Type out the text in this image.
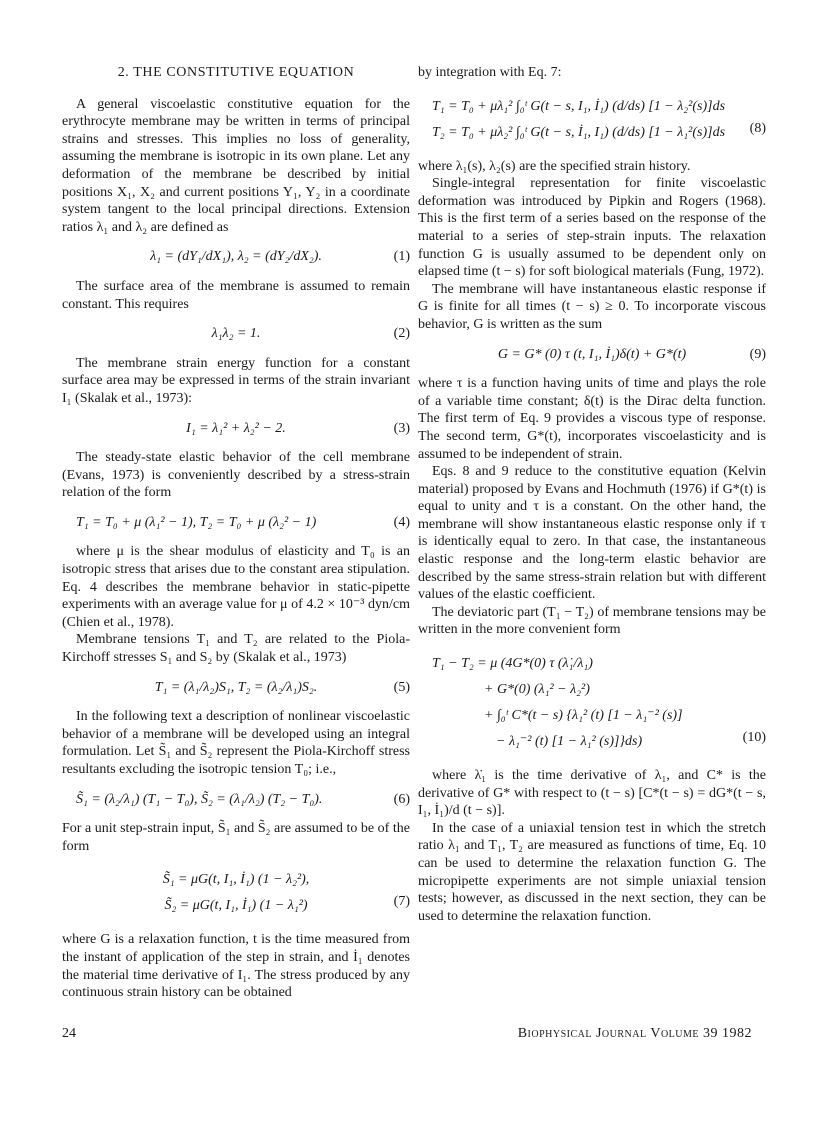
2. THE CONSTITUTIVE EQUATION

A general viscoelastic constitutive equation for the erythrocyte membrane may be written in terms of principal strains and stresses. This implies no loss of generality, assuming the membrane is isotropic in its own plane. Let any deformation of the membrane be described by initial positions X₁, X₂ and current positions Y₁, Y₂ in a coordinate system tangent to the local principal directions. Extension ratios λ₁ and λ₂ are defined as

λ₁ = (dY₁/dX₁), λ₂ = (dY₂/dX₂).	(1)

The surface area of the membrane is assumed to remain constant. This requires

λ₁λ₂ = 1.	(2)

The membrane strain energy function for a constant surface area may be expressed in terms of the strain invariant I₁ (Skalak et al., 1973):

I₁ = λ₁² + λ₂² − 2.	(3)

The steady-state elastic behavior of the cell membrane (Evans, 1973) is conveniently described by a stress-strain relation of the form

T₁ = T₀ + μ (λ₁² − 1), T₂ = T₀ + μ (λ₂² − 1)	(4)

where μ is the shear modulus of elasticity and T₀ is an isotropic stress that arises due to the constant area stipulation. Eq. 4 describes the membrane behavior in static-pipette experiments with an average value for μ of 4.2 × 10⁻³ dyn/cm (Chien et al., 1978).

Membrane tensions T₁ and T₂ are related to the Piola-Kirchoff stresses S₁ and S₂ by (Skalak et al., 1973)

T₁ = (λ₁/λ₂)S₁, T₂ = (λ₂/λ₁)S₂.	(5)

In the following text a description of nonlinear viscoelastic behavior of a membrane will be developed using an integral formulation. Let S̃₁ and S̃₂ represent the Piola-Kirchoff stress resultants excluding the isotropic tension T₀; i.e.,

S̃₁ = (λ₂/λ₁) (T₁ − T₀), S̃₂ = (λ₁/λ₂) (T₂ − T₀).	(6)

For a unit step-strain input, S̃₁ and S̃₂ are assumed to be of the form

S̃₁ = μG(t, I₁, İ₁) (1 − λ₂²),
S̃₂ = μG(t, I₁, İ₁) (1 − λ₁²)	(7)

where G is a relaxation function, t is the time measured from the instant of application of the step in strain, and İ₁ denotes the material time derivative of I₁. The stress produced by any continuous strain history can be obtained

by integration with Eq. 7:

T₁ = T₀ + μλ₁² ∫₀ᵗ G(t − s, I₁, İ₁) (d/ds) [1 − λ₂²(s)]ds
T₂ = T₀ + μλ₂² ∫₀ᵗ G(t − s, İ₁, I₁) (d/ds) [1 − λ₁²(s)]ds	(8)

where λ₁(s), λ₂(s) are the specified strain history.

Single-integral representation for finite viscoelastic deformation was introduced by Pipkin and Rogers (1968). This is the first term of a series based on the response of the material to a series of step-strain inputs. The relaxation function G is usually assumed to be dependent only on elapsed time (t − s) for soft biological materials (Fung, 1972).

The membrane will have instantaneous elastic response if G is finite for all times (t − s) ≥ 0. To incorporate viscous behavior, G is written as the sum

G = G* (0) τ (t, I₁, İ₁)δ(t) + G*(t)	(9)

where τ is a function having units of time and plays the role of a variable time constant; δ(t) is the Dirac delta function. The first term of Eq. 9 provides a viscous type of response. The second term, G*(t), incorporates viscoelasticity and is assumed to be independent of strain.

Eqs. 8 and 9 reduce to the constitutive equation (Kelvin material) proposed by Evans and Hochmuth (1976) if G*(t) is equal to unity and τ is a constant. On the other hand, the membrane will show instantaneous elastic response only if τ is identically equal to zero. In that case, the instantaneous elastic response and the long-term elastic behavior are described by the same stress-strain relation but with different values of the elastic coefficient.

The deviatoric part (T₁ − T₂) of membrane tensions may be written in the more convenient form

T₁ − T₂ = μ (4G*(0) τ (λ̇₁/λ₁)
+ G*(0) (λ₁² − λ₂²)
+ ∫₀ᵗ C*(t − s) {λ₁² (t) [1 − λ₁⁻² (s)]
− λ₁⁻² (t) [1 − λ₁² (s)]}ds)	(10)

where λ̇₁ is the time derivative of λ₁, and C* is the derivative of G* with respect to (t − s) [C*(t − s) = dG*(t − s, I₁, İ₁)/d (t − s)].

In the case of a uniaxial tension test in which the stretch ratio λ₁ and T₁, T₂ are measured as functions of time, Eq. 10 can be used to determine the relaxation function G. The micropipette experiments are not simple uniaxial tension tests; however, as discussed in the next section, they can be used to determine the relaxation function.

24	Biophysical Journal Volume 39 1982
